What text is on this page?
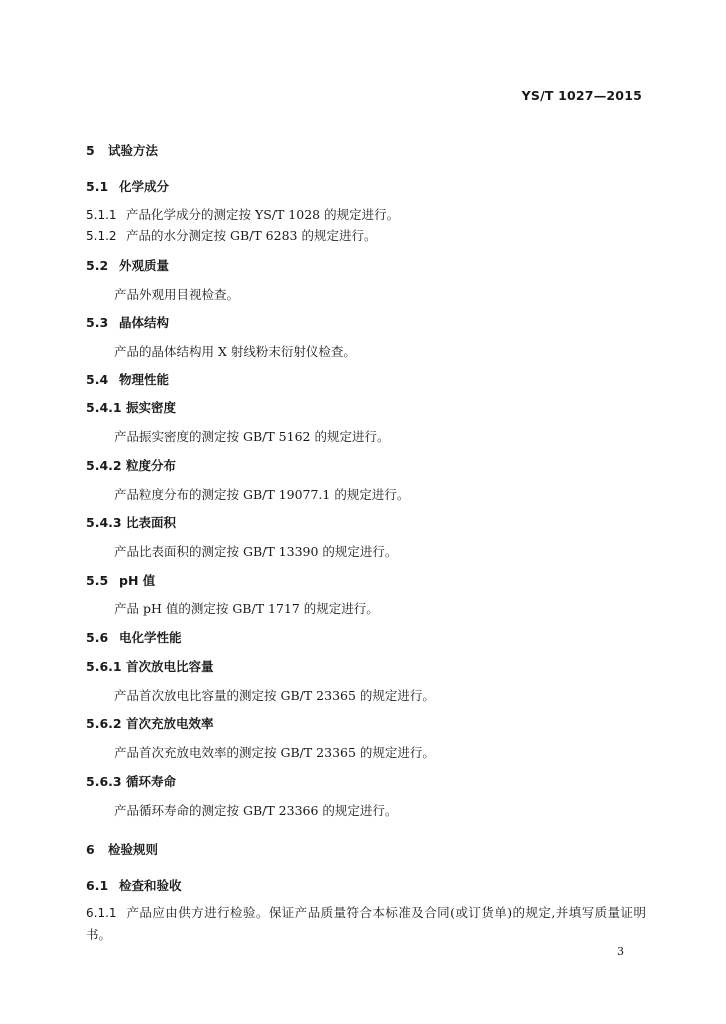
YS/T 1027—2015
5 试验方法
5.1 化学成分
5.1.1 产品化学成分的测定按 YS/T 1028 的规定进行。
5.1.2 产品的水分测定按 GB/T 6283 的规定进行。
5.2 外观质量
产品外观用目视检查。
5.3 晶体结构
产品的晶体结构用 X 射线粉末衍射仪检查。
5.4 物理性能
5.4.1 振实密度
产品振实密度的测定按 GB/T 5162 的规定进行。
5.4.2 粒度分布
产品粒度分布的测定按 GB/T 19077.1 的规定进行。
5.4.3 比表面积
产品比表面积的测定按 GB/T 13390 的规定进行。
5.5 pH 值
产品 pH 值的测定按 GB/T 1717 的规定进行。
5.6 电化学性能
5.6.1 首次放电比容量
产品首次放电比容量的测定按 GB/T 23365 的规定进行。
5.6.2 首次充放电效率
产品首次充放电效率的测定按 GB/T 23365 的规定进行。
5.6.3 循环寿命
产品循环寿命的测定按 GB/T 23366 的规定进行。
6 检验规则
6.1 检查和验收
6.1.1 产品应由供方进行检验。保证产品质量符合本标准及合同(或订货单)的规定,并填写质量证明书。
3
